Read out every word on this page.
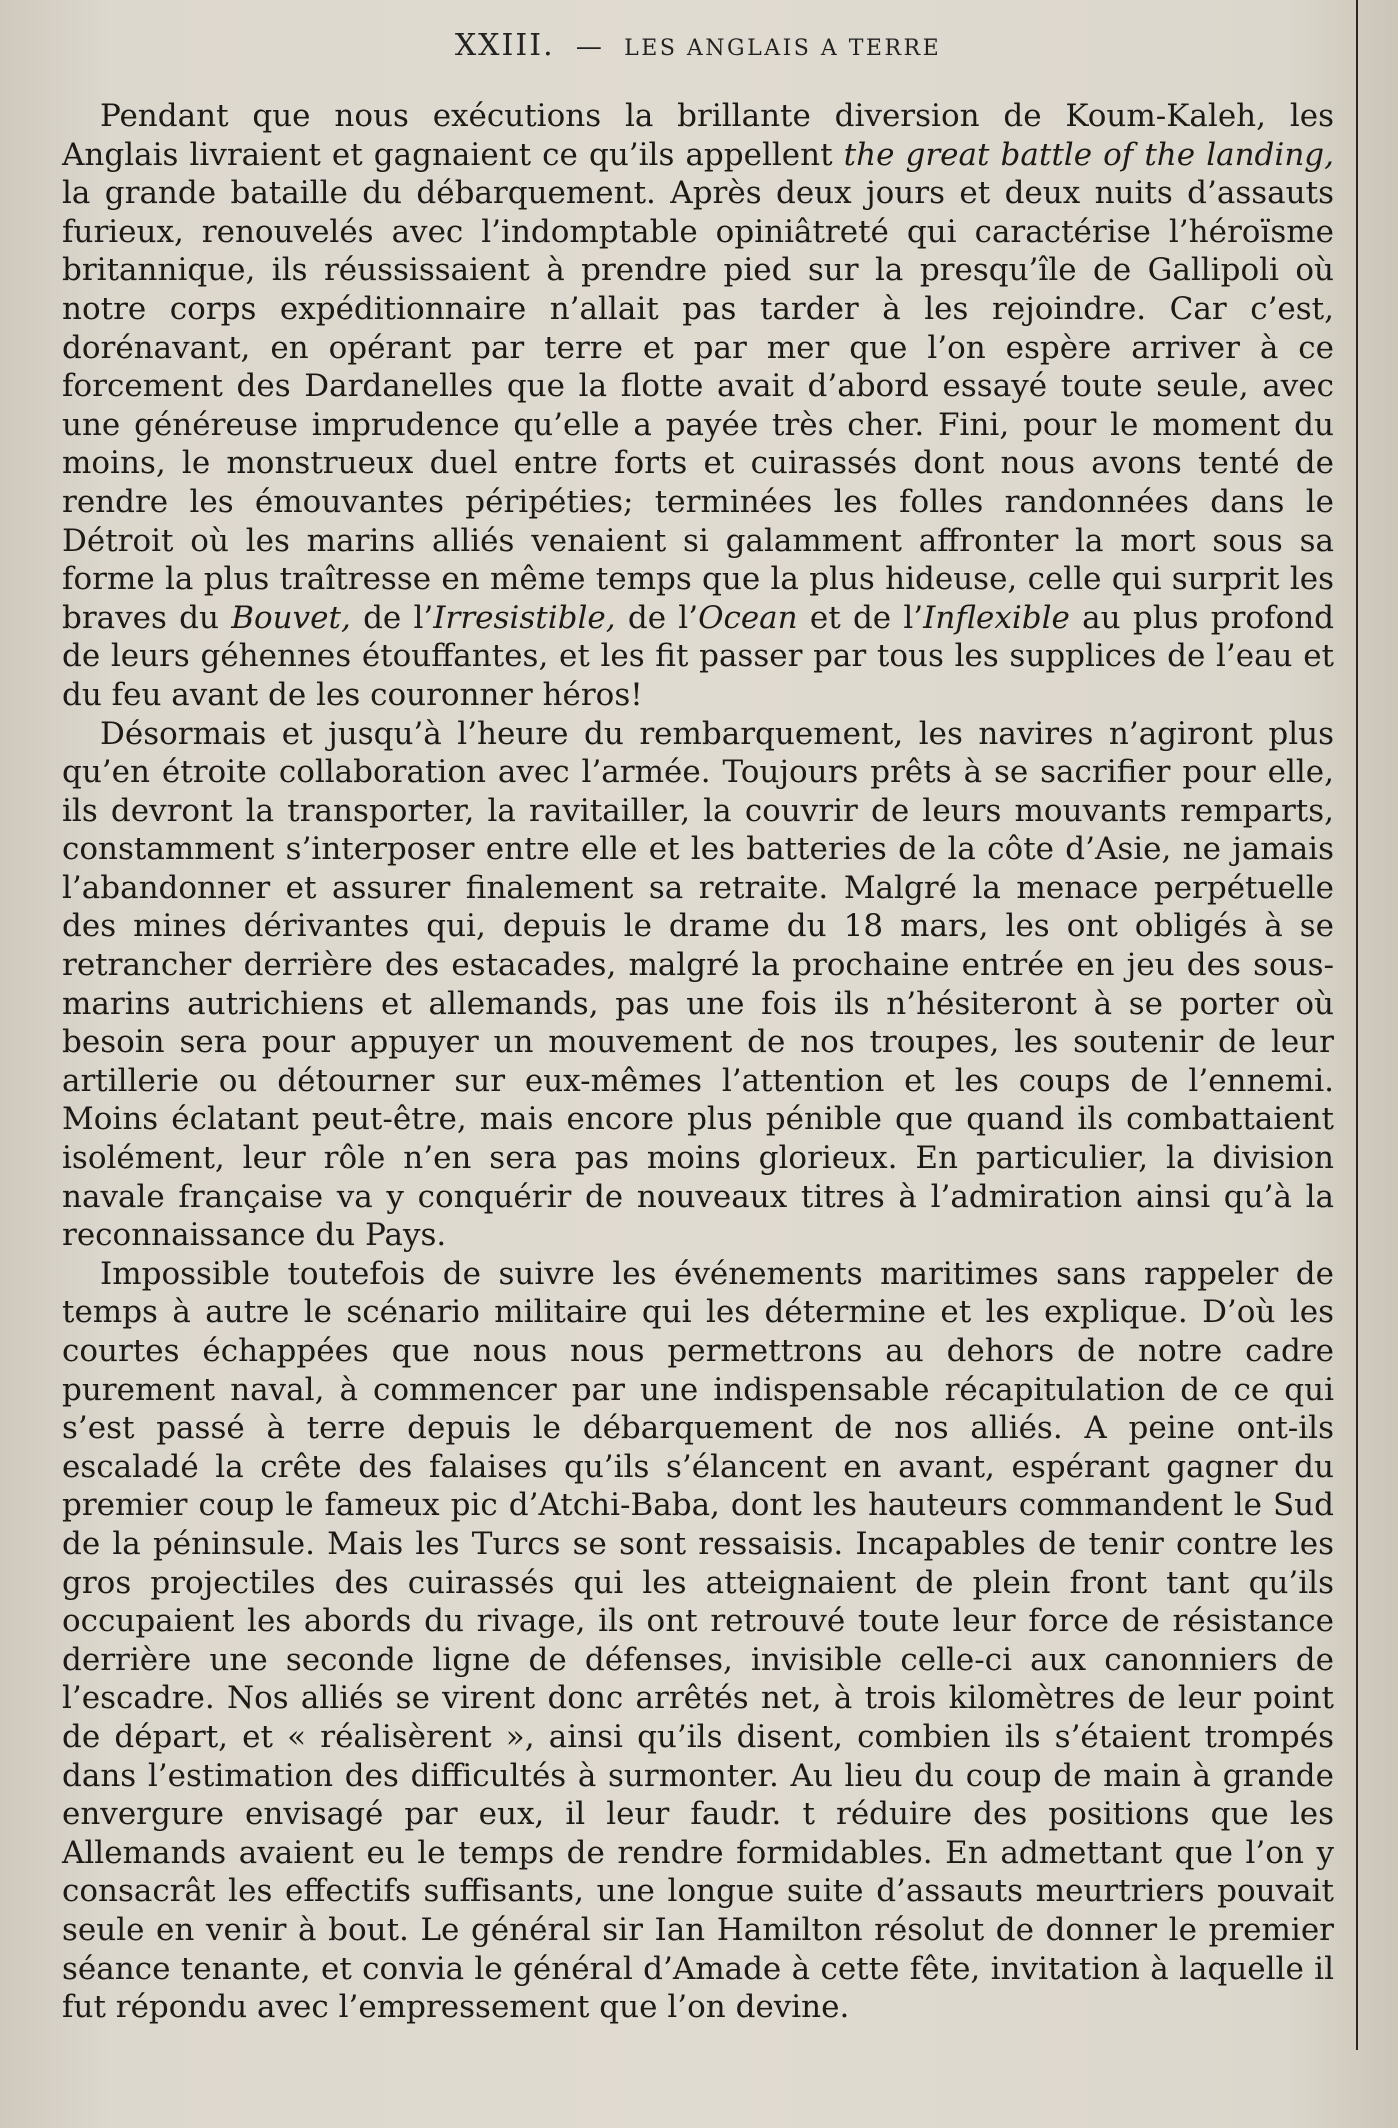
XXIII. — LES ANGLAIS A TERRE

Pendant que nous exécutions la brillante diversion de Koum-Kaleh, les Anglais livraient et gagnaient ce qu’ils appellent the great battle of the landing, la grande bataille du débarquement. Après deux jours et deux nuits d’assauts furieux, renouvelés avec l’indomptable opiniâtreté qui caractérise l’héroïsme britannique, ils réussissaient à prendre pied sur la presqu’île de Gallipoli où notre corps expéditionnaire n’allait pas tarder à les rejoindre. Car c’est, dorénavant, en opérant par terre et par mer que l’on espère arriver à ce forcement des Dardanelles que la flotte avait d’abord essayé toute seule, avec une généreuse imprudence qu’elle a payée très cher. Fini, pour le moment du moins, le monstrueux duel entre forts et cuirassés dont nous avons tenté de rendre les émouvantes péripéties; terminées les folles randonnées dans le Détroit où les marins alliés venaient si galamment affronter la mort sous sa forme la plus traîtresse en même temps que la plus hideuse, celle qui surprit les braves du Bouvet, de l’Irresistible, de l’Ocean et de l’Inflexible au plus profond de leurs géhennes étouffantes, et les fit passer par tous les supplices de l’eau et du feu avant de les couronner héros!

Désormais et jusqu’à l’heure du rembarquement, les navires n’agiront plus qu’en étroite collaboration avec l’armée. Toujours prêts à se sacrifier pour elle, ils devront la transporter, la ravitailler, la couvrir de leurs mouvants remparts, constamment s’interposer entre elle et les batteries de la côte d’Asie, ne jamais l’abandonner et assurer finalement sa retraite. Malgré la menace perpétuelle des mines dérivantes qui, depuis le drame du 18 mars, les ont obligés à se retrancher derrière des estacades, malgré la prochaine entrée en jeu des sous-marins autrichiens et allemands, pas une fois ils n’hésiteront à se porter où besoin sera pour appuyer un mouvement de nos troupes, les soutenir de leur artillerie ou détourner sur eux-mêmes l’attention et les coups de l’ennemi. Moins éclatant peut-être, mais encore plus pénible que quand ils combattaient isolément, leur rôle n’en sera pas moins glorieux. En particulier, la division navale française va y conquérir de nouveaux titres à l’admiration ainsi qu’à la reconnaissance du Pays.

Impossible toutefois de suivre les événements maritimes sans rappeler de temps à autre le scénario militaire qui les détermine et les explique. D’où les courtes échappées que nous nous permettrons au dehors de notre cadre purement naval, à commencer par une indispensable récapitulation de ce qui s’est passé à terre depuis le débarquement de nos alliés. A peine ont-ils escaladé la crête des falaises qu’ils s’élancent en avant, espérant gagner du premier coup le fameux pic d’Atchi-Baba, dont les hauteurs commandent le Sud de la péninsule. Mais les Turcs se sont ressaisis. Incapables de tenir contre les gros projectiles des cuirassés qui les atteignaient de plein front tant qu’ils occupaient les abords du rivage, ils ont retrouvé toute leur force de résistance derrière une seconde ligne de défenses, invisible celle-ci aux canonniers de l’escadre. Nos alliés se virent donc arrêtés net, à trois kilomètres de leur point de départ, et « réalisèrent », ainsi qu’ils disent, combien ils s’étaient trompés dans l’estimation des difficultés à surmonter. Au lieu du coup de main à grande envergure envisagé par eux, il leur faudr. t réduire des positions que les Allemands avaient eu le temps de rendre formidables. En admettant que l’on y consacrât les effectifs suffisants, une longue suite d’assauts meurtriers pouvait seule en venir à bout. Le général sir Ian Hamilton résolut de donner le premier séance tenante, et convia le général d’Amade à cette fête, invitation à laquelle il fut répondu avec l’empressement que l’on devine.
